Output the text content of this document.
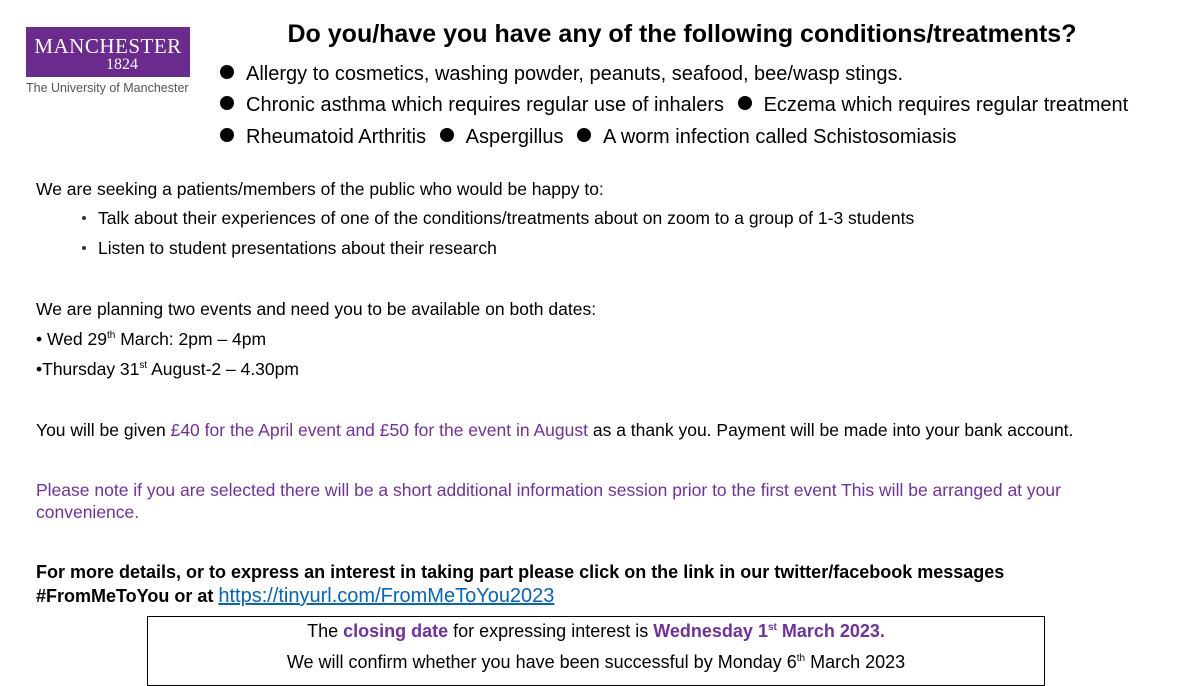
MANCHESTER
1824
The University of Manchester
Do you/have you have any of the following conditions/treatments?
Allergy to cosmetics, washing powder, peanuts, seafood, bee/wasp stings.
Chronic asthma which requires regular use of inhalers Eczema which requires regular treatment
Rheumatoid Arthritis Aspergillus A worm infection called Schistosomiasis
We are seeking a patients/members of the public who would be happy to:
Talk about their experiences of one of the conditions/treatments about on zoom to a group of 1-3 students
Listen to student presentations about their research
We are planning two events and need you to be available on both dates:
• Wed 29th March: 2pm – 4pm
•Thursday 31st August-2 – 4.30pm
You will be given £40 for the April event and £50 for the event in August as a thank you. Payment will be made into your bank account.
Please note if you are selected there will be a short additional information session prior to the first event This will be arranged at your
convenience.
For more details, or to express an interest in taking part please click on the link in our twitter/facebook messages
#FromMeToYou or at https://tinyurl.com/FromMeToYou2023
The closing date for expressing interest is Wednesday 1st March 2023.
We will confirm whether you have been successful by Monday 6th March 2023
